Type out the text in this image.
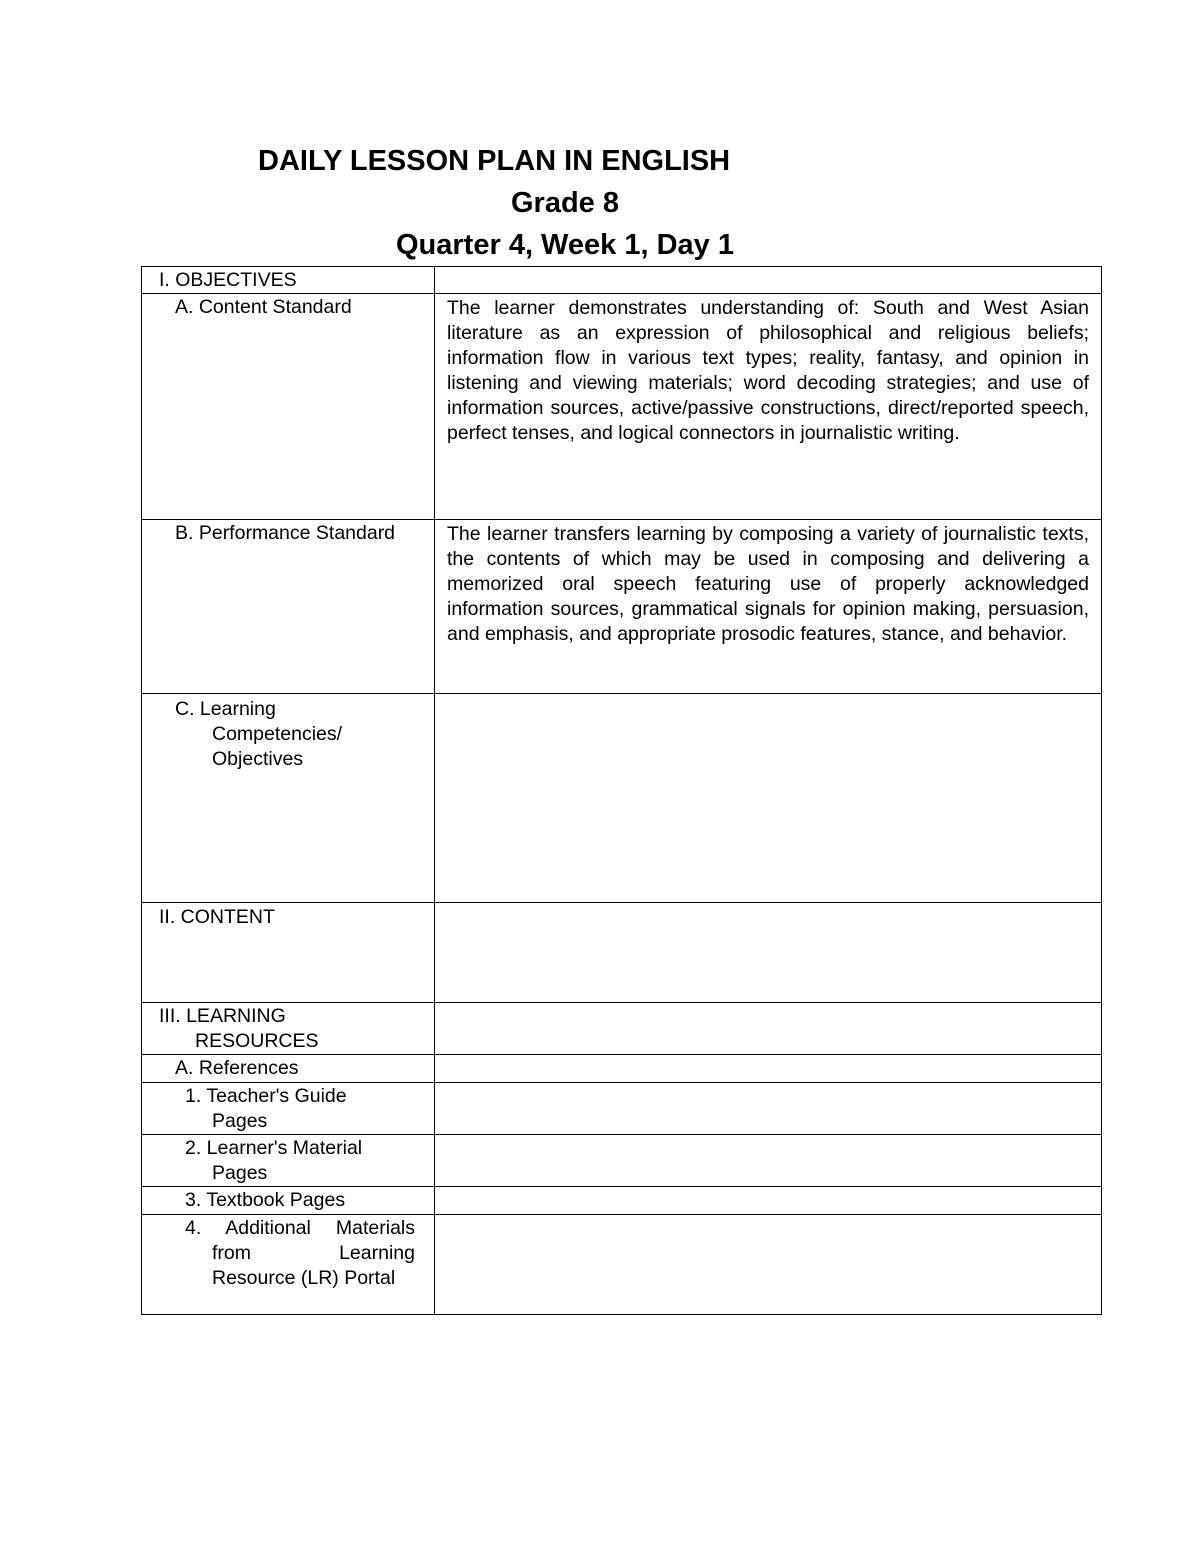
DAILY LESSON PLAN IN ENGLISH
Grade 8
Quarter 4, Week 1, Day 1
I. OBJECTIVES	

A. Content Standard	The learner demonstrates understanding of: South and West Asian literature as an expression of philosophical and religious beliefs; information flow in various text types; reality, fantasy, and opinion in listening and viewing materials; word decoding strategies; and use of information sources, active/passive constructions, direct/reported speech, perfect tenses, and logical connectors in journalistic writing.

B. Performance Standard	The learner transfers learning by composing a variety of journalistic texts, the contents of which may be used in composing and delivering a memorized oral speech featuring use of properly acknowledged information sources, grammatical signals for opinion making, persuasion, and emphasis, and appropriate prosodic features, stance, and behavior.

C. Learning
Competencies/
Objectives	

II. CONTENT	

III. LEARNING
RESOURCES	

A. References	

1. Teacher's Guide
Pages	

2. Learner's Material
Pages	

3. Textbook Pages	

4. Additional Materials from Learning Resource (LR) Portal	
